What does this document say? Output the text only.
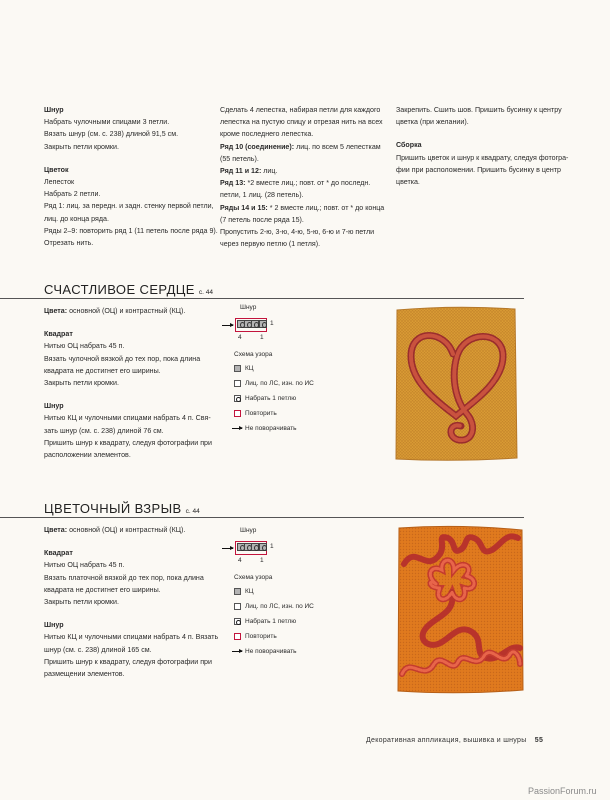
Шнур

Набрать чулочными спицами 3 петли.

Вязать шнур (см. с. 238) длиной 91,5 см.

Закрыть петли кромки.

Цветок

Лепесток

Набрать 2 петли.

Ряд 1: лиц. за передн. и задн. стенку первой петли,

лиц. до конца ряда.

Ряды 2–9: повторить ряд 1 (11 петель после ряда 9).

Отрезать нить.

Сделать 4 лепестка, набирая петли для каждого

лепестка на пустую спицу и отрезая нить на всех

кроме последнего лепестка.

Ряд 10 (соединение): лиц. по всем 5 лепесткам

(55 петель).

Ряд 11 и 12: лиц.

Ряд 13: *2 вместе лиц.; повт. от * до последн.

петли, 1 лиц. (28 петель).

Ряды 14 и 15: * 2 вместе лиц.; повт. от * до конца

(7 петель после ряда 15).

Пропустить 2-ю, 3-ю, 4-ю, 5-ю, 6-ю и 7-ю петли

через первую петлю (1 петля).

Закрепить. Сшить шов. Пришить бусинку к центру

цветка (при желании).

Сборка

Пришить цветок и шнур к квадрату, следуя фотогра-

фии при расположении. Пришить бусинку в центр

цветка.

СЧАСТЛИВОЕ СЕРДЦЕ с. 44

Цвета: основной (ОЦ) и контрастный (КЦ).

Квадрат

Нитью ОЦ набрать 45 п.

Вязать чулочной вязкой до тех пор, пока длина

квадрата не достигнет его ширины.

Закрыть петли кромки.

Шнур

Нитью КЦ и чулочными спицами набрать 4 п. Свя-

зать шнур (см. с. 238) длиной 76 см.

Пришить шнур к квадрату, следуя фотографии при

расположении элементов.

Шнур
1
4	1
Схема узора
КЦ
Лиц. по ЛС, изн. по ИС
Набрать 1 петлю
Повторить
Не поворачивать
ЦВЕТОЧНЫЙ ВЗРЫВ с. 44

Цвета: основной (ОЦ) и контрастный (КЦ).

Квадрат

Нитью ОЦ набрать 45 п.

Вязать платочной вязкой до тех пор, пока длина

квадрата не достигнет его ширины.

Закрыть петли кромки.

Шнур

Нитью КЦ и чулочными спицами набрать 4 п. Вязать

шнур (см. с. 238) длиной 165 см.

Пришить шнур к квадрату, следуя фотографии при

размещении элементов.

Шнур
1
4	1
Схема узора
КЦ
Лиц. по ЛС, изн. по ИС
Набрать 1 петлю
Повторить
Не поворачивать
Декоративная аппликация, вышивка и шнуры 55
PassionForum.ru
